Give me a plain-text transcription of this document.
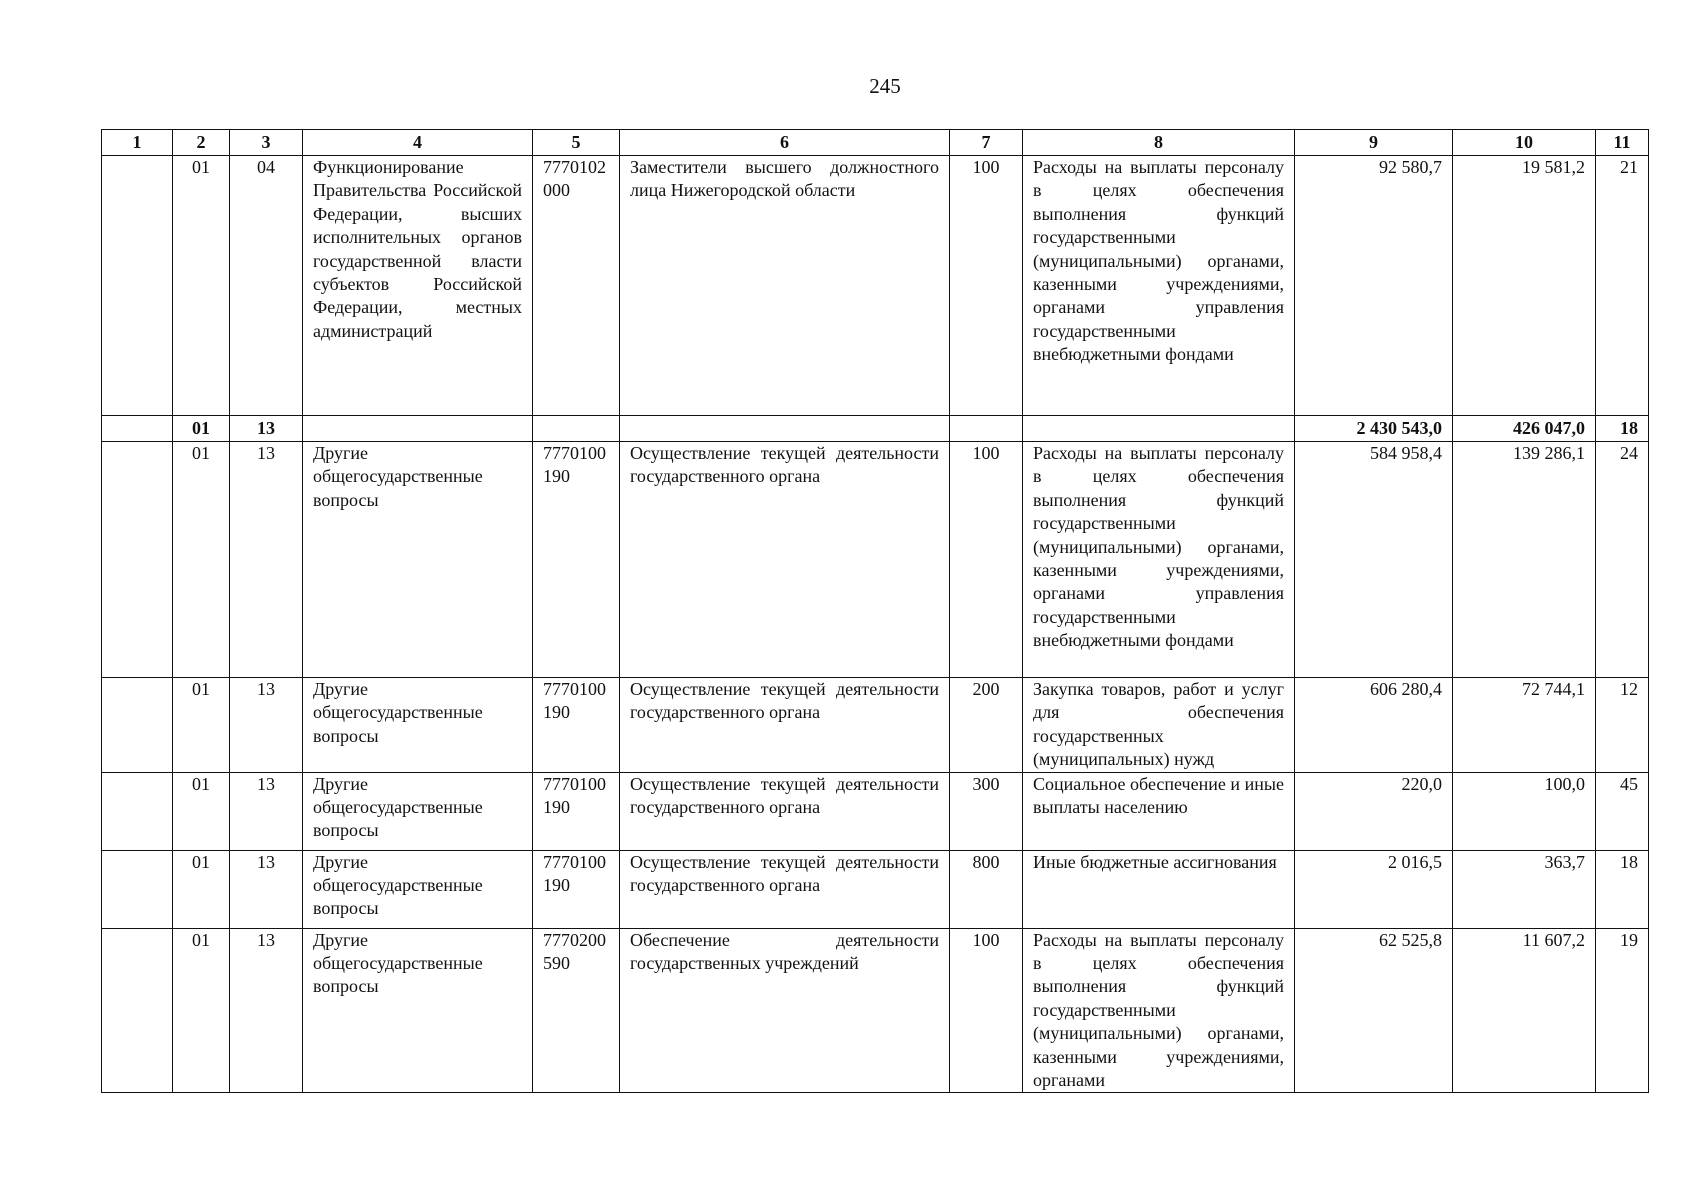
245
1	2	3	4	5	6	7	8	9	10	11
	01	04	Функционирование Правительства Российской Федерации, высших исполнительных органов государственной власти субъектов Российской Федерации, местных администраций	7770102000	Заместители высшего должностного лица Нижегородской области	100	Расходы на выплаты персоналу в целях обеспечения выполнения функций государственными (муниципальными) органами, казенными учреждениями, органами управления государственными внебюджетными фондами	92 580,7	19 581,2	21
	01	13						2 430 543,0	426 047,0	18
	01	13	Другие общегосударственные вопросы	7770100190	Осуществление текущей деятельности государственного органа	100	Расходы на выплаты персоналу в целях обеспечения выполнения функций государственными (муниципальными) органами, казенными учреждениями, органами управления государственными внебюджетными фондами	584 958,4	139 286,1	24
	01	13	Другие общегосударственные вопросы	7770100190	Осуществление текущей деятельности государственного органа	200	Закупка товаров, работ и услуг для обеспечения государственных (муниципальных) нужд	606 280,4	72 744,1	12
	01	13	Другие общегосударственные вопросы	7770100190	Осуществление текущей деятельности государственного органа	300	Социальное обеспечение и иные выплаты населению	220,0	100,0	45
	01	13	Другие общегосударственные вопросы	7770100190	Осуществление текущей деятельности государственного органа	800	Иные бюджетные ассигнования	2 016,5	363,7	18
	01	13	Другие общегосударственные вопросы	7770200590	Обеспечение деятельности государственных учреждений	100	Расходы на выплаты персоналу в целях обеспечения выполнения функций государственными (муниципальными) органами, казенными учреждениями, органами	62 525,8	11 607,2	19
